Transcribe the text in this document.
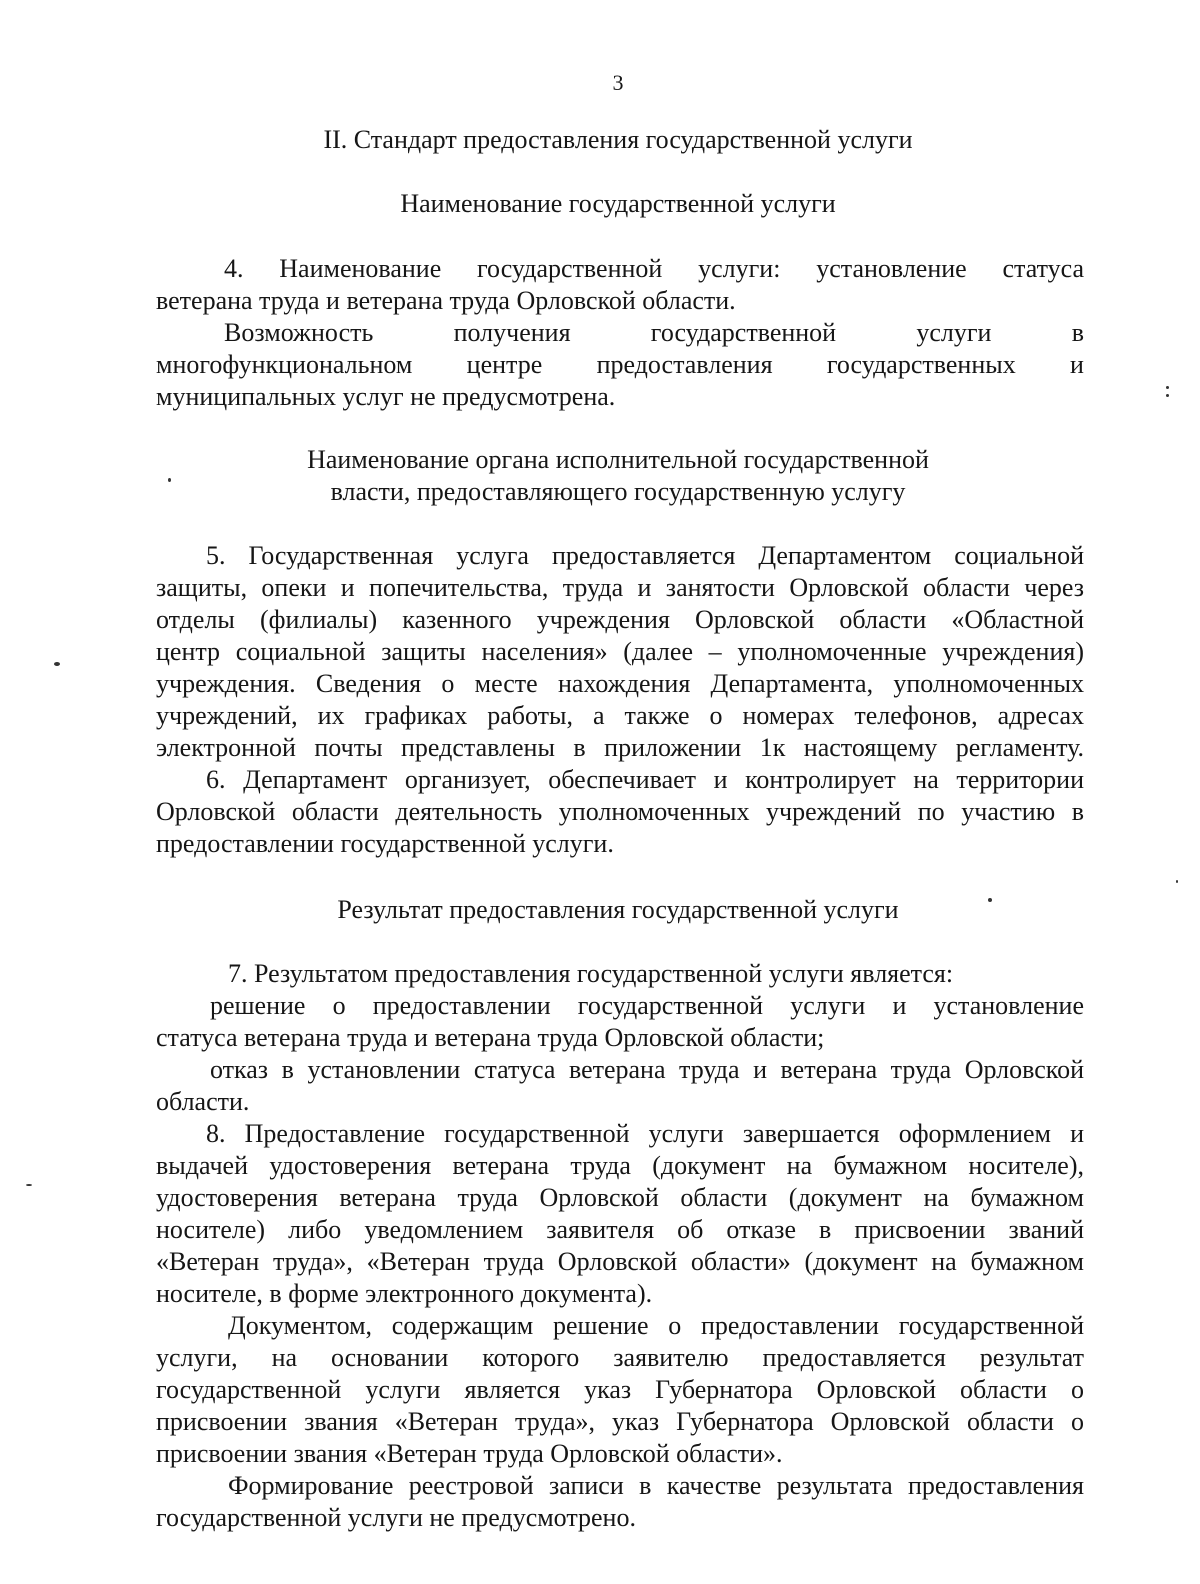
3
II. Стандарт предоставления государственной услуги
Наименование государственной услуги
4. Наименование государственной услуги: установление статуса
ветерана труда и ветерана труда Орловской области.
Возможность	получения	государственной	услуги	в
многофункциональном центре предоставления государственных и
муниципальных услуг не предусмотрена.
Наименование органа исполнительной государственной
власти, предоставляющего государственную услугу
5. Государственная услуга предоставляется Департаментом социальной
защиты, опеки и попечительства, труда и занятости Орловской области через
отделы (филиалы) казенного учреждения Орловской области «Областной
центр социальной защиты населения» (далее – уполномоченные учреждения)
учреждения. Сведения о месте нахождения Департамента, уполномоченных
учреждений, их графиках работы, а также о номерах телефонов, адресах
электронной почты представлены в приложении 1к настоящему регламенту.
6. Департамент организует, обеспечивает и контролирует на территории
Орловской области деятельность уполномоченных учреждений по участию в
предоставлении государственной услуги.
Результат предоставления государственной услуги
7. Результатом предоставления государственной услуги является:
решение о предоставлении государственной услуги и установление
статуса ветерана труда и ветерана труда Орловской области;
отказ в установлении статуса ветерана труда и ветерана труда Орловской
области.
8. Предоставление государственной услуги завершается оформлением и
выдачей удостоверения ветерана труда (документ на бумажном носителе),
удостоверения ветерана труда Орловской области (документ на бумажном
носителе) либо уведомлением заявителя об отказе в присвоении званий
«Ветеран труда», «Ветеран труда Орловской области» (документ на бумажном
носителе, в форме электронного документа).
Документом, содержащим решение о предоставлении государственной
услуги, на основании которого заявителю предоставляется результат
государственной услуги является указ Губернатора Орловской области о
присвоении звания «Ветеран труда», указ Губернатора Орловской области о
присвоении звания «Ветеран труда Орловской области».
Формирование реестровой записи в качестве результата предоставления
государственной услуги не предусмотрено.
